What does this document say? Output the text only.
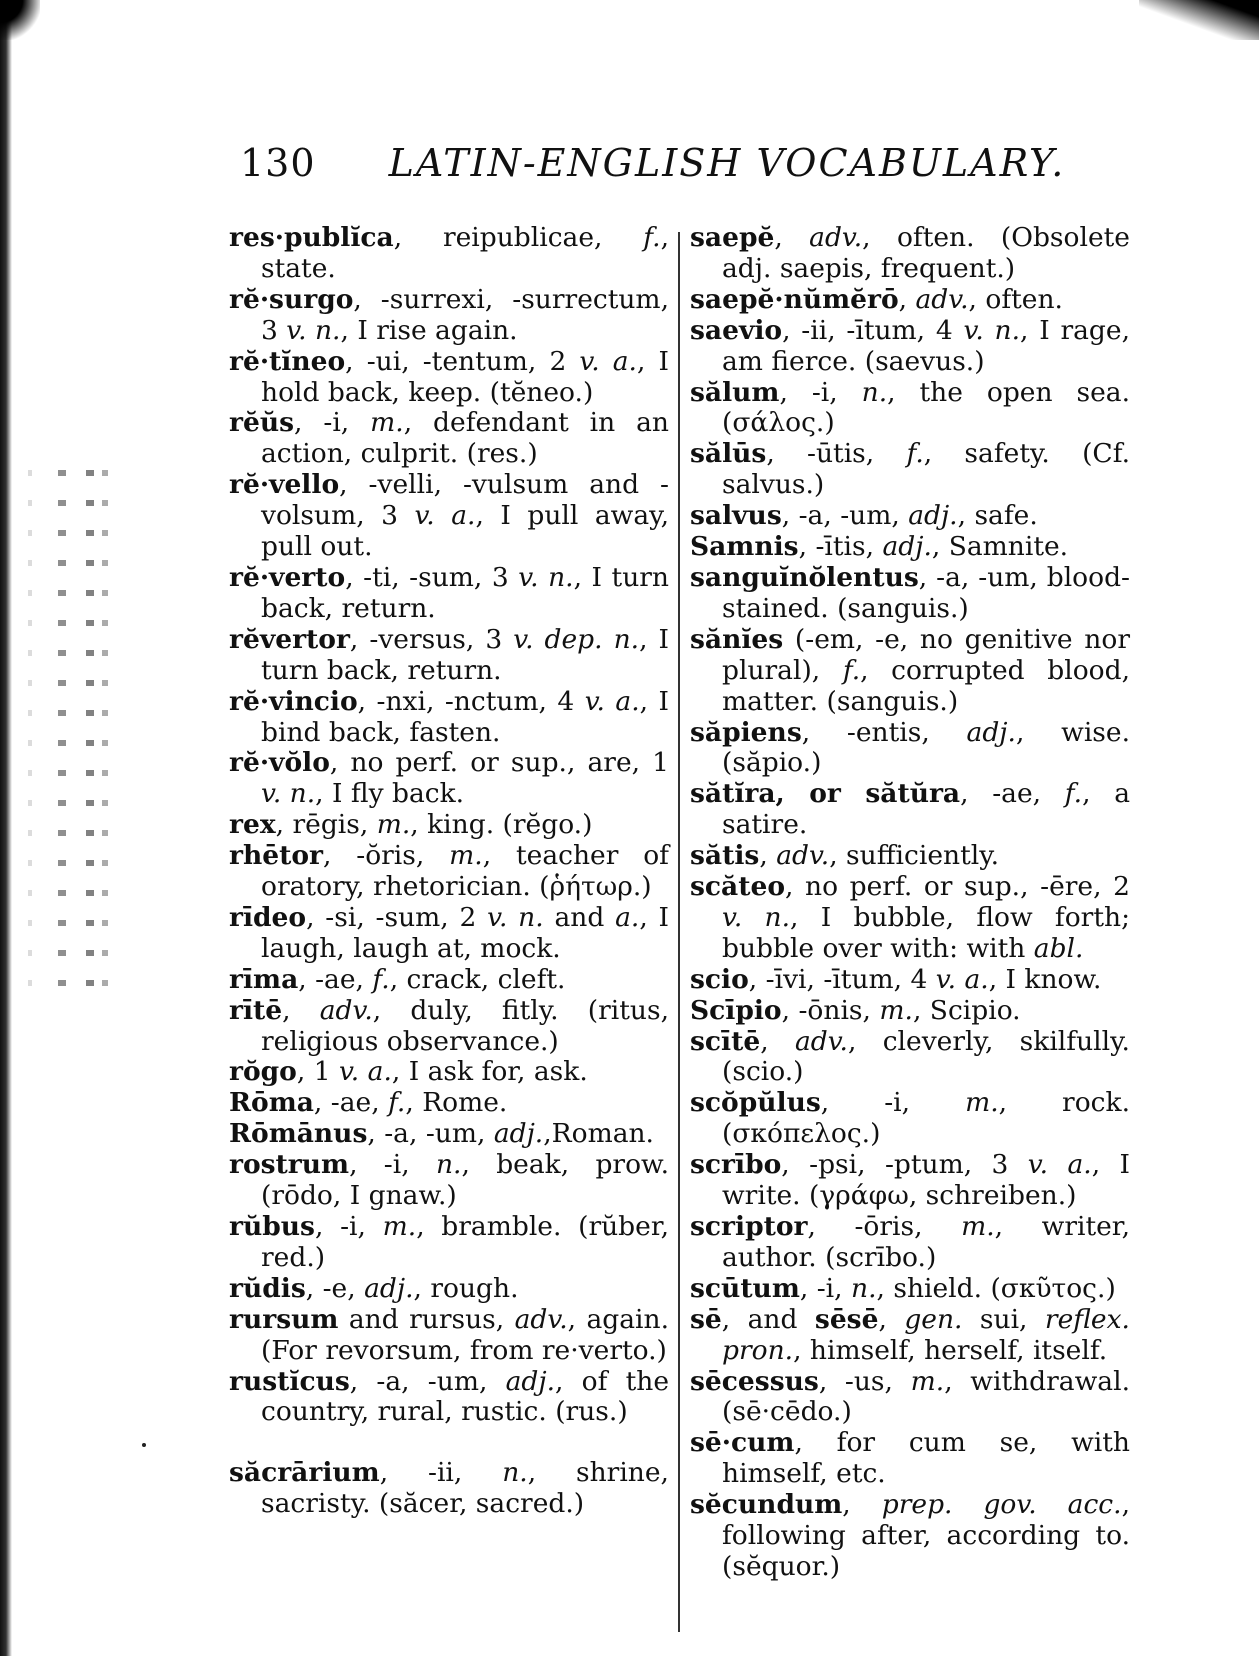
130 LATIN-ENGLISH VOCABULARY.

res·publĭca, reipublicae, f., state.

rĕ·surgo, -surrexi, -surrectum, 3 v. n., I rise again.

rĕ·tĭneo, -ui, -tentum, 2 v. a., I hold back, keep. (tĕneo.)

rĕŭs, -i, m., defendant in an action, culprit. (res.)

rĕ·vello, -velli, -vulsum and -volsum, 3 v. a., I pull away, pull out.

rĕ·verto, -ti, -sum, 3 v. n., I turn back, return.

rĕvertor, -versus, 3 v. dep. n., I turn back, return.

rĕ·vincio, -nxi, -nctum, 4 v. a., I bind back, fasten.

rĕ·vŏlo, no perf. or sup., are, 1 v. n., I fly back.

rex, rēgis, m., king. (rĕgo.)

rhētor, -ŏris, m., teacher of oratory, rhetorician. (ῥήτωρ.)

rīdeo, -si, -sum, 2 v. n. and a., I laugh, laugh at, mock.

rīma, -ae, f., crack, cleft.

rītē, adv., duly, fitly. (ritus, religious observance.)

rŏgo, 1 v. a., I ask for, ask.

Rōma, -ae, f., Rome.

Rōmānus, -a, -um, adj.,Roman.

rostrum, -i, n., beak, prow. (rōdo, I gnaw.)

rŭbus, -i, m., bramble. (rŭber, red.)

rŭdis, -e, adj., rough.

rursum and rursus, adv., again. (For revorsum, from re·verto.)

rustĭcus, -a, -um, adj., of the country, rural, rustic. (rus.)

săcrārium, -ii, n., shrine, sacristy. (săcer, sacred.)

saepĕ, adv., often. (Obsolete adj. saepis, frequent.)

saepĕ·nŭmĕrō, adv., often.

saevio, -ii, -ītum, 4 v. n., I rage, am fierce. (saevus.)

sălum, -i, n., the open sea. (σάλος.)

sălūs, -ūtis, f., safety. (Cf. salvus.)

salvus, -a, -um, adj., safe.

Samnis, -ītis, adj., Samnite.

sanguĭnŏlentus, -a, -um, blood-stained. (sanguis.)

sănĭes (-em, -e, no genitive nor plural), f., corrupted blood, matter. (sanguis.)

săpiens, -entis, adj., wise. (săpio.)

sătĭra, or sătŭra, -ae, f., a satire.

sătis, adv., sufficiently.

scăteo, no perf. or sup., -ēre, 2 v. n., I bubble, flow forth; bubble over with: with abl.

scio, -īvi, -ītum, 4 v. a., I know.

Scīpio, -ōnis, m., Scipio.

scītē, adv., cleverly, skilfully. (scio.)

scŏpŭlus, -i, m., rock. (σκόπελος.)

scrībo, -psi, -ptum, 3 v. a., I write. (γράφω, schreiben.)

scriptor, -ōris, m., writer, author. (scrībo.)

scūtum, -i, n., shield. (σκῦτος.)

sē, and sēsē, gen. sui, reflex. pron., himself, herself, itself.

sēcessus, -us, m., withdrawal. (sē·cēdo.)

sē·cum, for cum se, with himself, etc.

sĕcundum, prep. gov. acc., following after, according to. (sĕquor.)
